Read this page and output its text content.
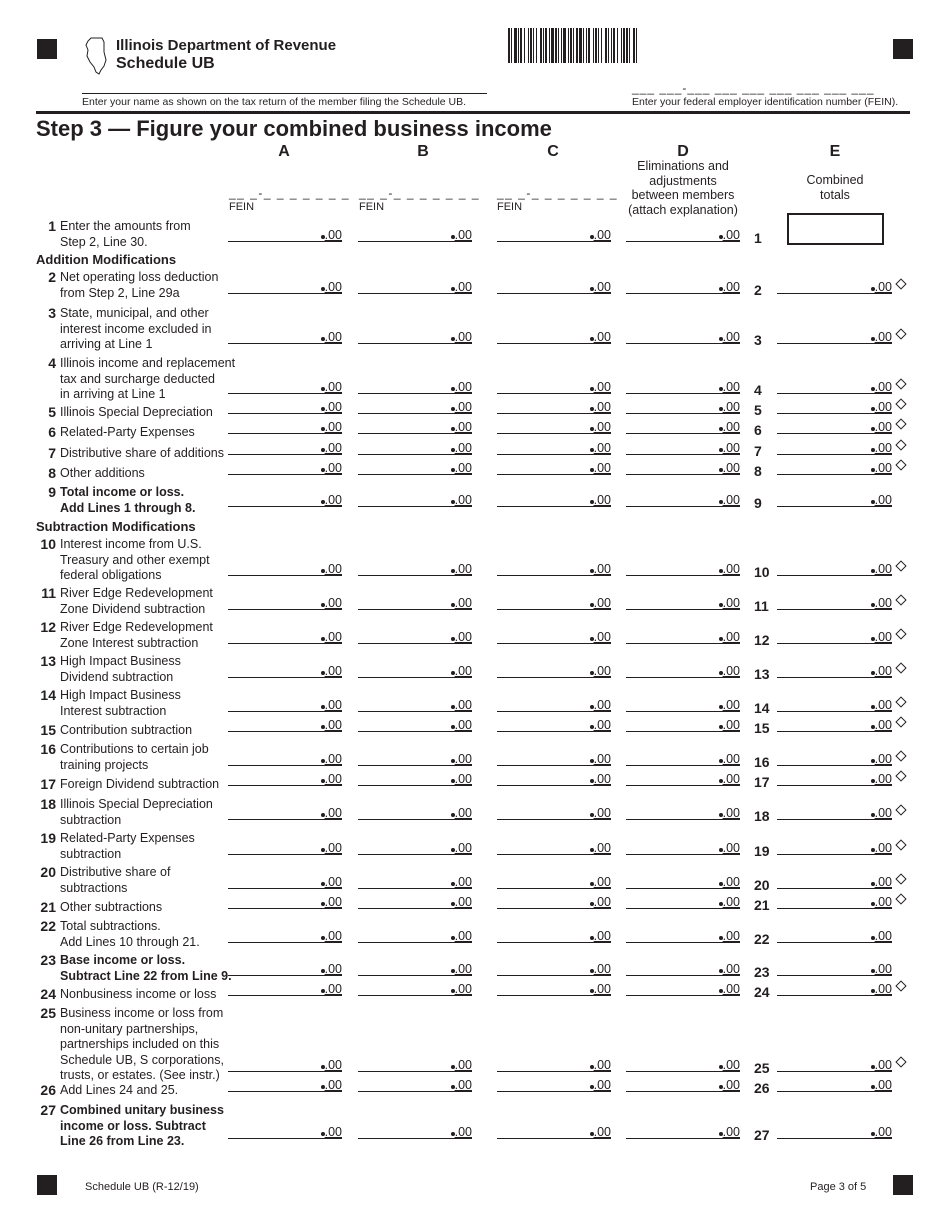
Illinois Department of Revenue
Schedule UB
Enter your name as shown on the tax return of the member filing the Schedule UB.
___ ___-___ ___ ___ ___ ___ ___ ___
Enter your federal employer identification number (FEIN).
Step 3 — Figure your combined business income
A	B	C	D	E
Eliminations and
adjustments
between members
(attach explanation)
Combined
totals
__ _-_ _ _ _ _ _ _
FEIN
__ _-_ _ _ _ _ _ _
FEIN
__ _-_ _ _ _ _ _ _
FEIN
Addition Modifications
Subtraction Modifications
1 Enter the amounts from
Step 2, Line 30.	.00	.00	.00	.00 1
2 Net operating loss deduction
from Step 2, Line 29a	.00	.00	.00	.00 2	.00
3 State, municipal, and other
interest income excluded in
arriving at Line 1	.00	.00	.00	.00 3	.00
4 Illinois income and replacement
tax and surcharge deducted
in arriving at Line 1	.00	.00	.00	.00 4	.00
5 Illinois Special Depreciation	.00	.00	.00	.00 5	.00
6 Related-Party Expenses	.00	.00	.00	.00 6	.00
7 Distributive share of additions	.00	.00	.00	.00 7	.00
8 Other additions	.00	.00	.00	.00 8	.00
9 Total income or loss.
Add Lines 1 through 8.
.00	.00	.00	.00 9	.00
10 Interest income from U.S.
Treasury and other exempt
federal obligations	.00	.00	.00	.00 10	.00
11 River Edge Redevelopment
Zone Dividend subtraction	.00	.00	.00	.00 11	.00
12 River Edge Redevelopment
Zone Interest subtraction	.00	.00	.00	.00 12	.00
13 High Impact Business
Dividend subtraction	.00	.00	.00	.00 13	.00
14 High Impact Business
Interest subtraction	.00	.00	.00	.00 14	.00
15 Contribution subtraction	.00	.00	.00	.00 15	.00
16 Contributions to certain job
training projects	.00	.00	.00	.00 16	.00
17 Foreign Dividend subtraction	.00	.00	.00	.00 17	.00
18 Illinois Special Depreciation
subtraction	.00	.00	.00	.00 18	.00
19 Related-Party Expenses
subtraction	.00	.00	.00	.00 19	.00
20 Distributive share of
subtractions	.00	.00	.00	.00 20	.00
21 Other subtractions	.00	.00	.00	.00 21	.00
22 Total subtractions.
Add Lines 10 through 21.	.00	.00	.00	.00 22	.00
23 Base income or loss.
Subtract Line 22 from Line 9.	.00	.00	.00	.00 23	.00
24 Nonbusiness income or loss	.00	.00	.00	.00 24	.00
25 Business income or loss from
non-unitary partnerships,
partnerships included on this
Schedule UB, S corporations,
trusts, or estates. (See instr.)
.00	.00	.00	.00 25	.00
26 Add Lines 24 and 25.	.00	.00	.00	.00 26	.00
27 Combined unitary business
income or loss. Subtract
Line 26 from Line 23.
.00	.00	.00	.00 27	.00
Schedule UB (R-12/19)	Page 3 of 5
